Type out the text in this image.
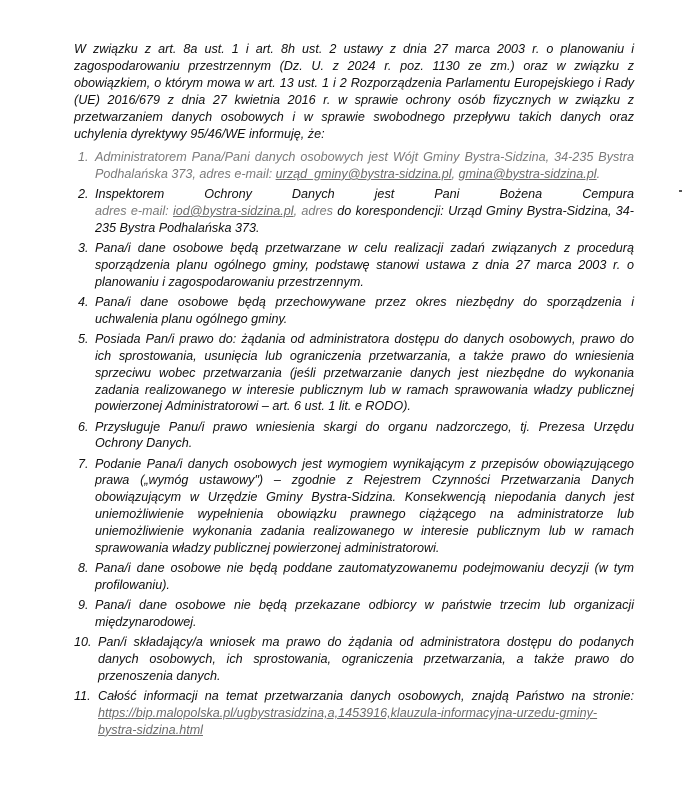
W związku z art. 8a ust. 1 i art. 8h ust. 2 ustawy z dnia 27 marca 2003 r. o planowaniu i zagospodarowaniu przestrzennym (Dz. U. z 2024 r. poz. 1130 ze zm.) oraz w związku z obowiązkiem, o którym mowa w art. 13 ust. 1 i 2 Rozporządzenia Parlamentu Europejskiego i Rady (UE) 2016/679 z dnia 27 kwietnia 2016 r. w sprawie ochrony osób fizycznych w związku z przetwarzaniem danych osobowych i w sprawie swobodnego przepływu takich danych oraz uchylenia dyrektywy 95/46/WE informuję, że:

1. Administratorem Pana/Pani danych osobowych jest Wójt Gminy Bystra-Sidzina, 34-235 Bystra Podhalańska 373, adres e-mail: urząd_gminy@bystra-sidzina.pl, gmina@bystra-sidzina.pl.
2. Inspektorem Ochrony Danych jest Pani Bożena Cempura
adres e-mail: iod@bystra-sidzina.pl, adres do korespondencji: Urząd Gminy Bystra-Sidzina, 34-235 Bystra Podhalańska 373.
3. Pana/i dane osobowe będą przetwarzane w celu realizacji zadań związanych z procedurą sporządzenia planu ogólnego gminy, podstawę stanowi ustawa z dnia 27 marca 2003 r. o planowaniu i zagospodarowaniu przestrzennym.
4. Pana/i dane osobowe będą przechowywane przez okres niezbędny do sporządzenia i uchwalenia planu ogólnego gminy.
5. Posiada Pan/i prawo do: żądania od administratora dostępu do danych osobowych, prawo do ich sprostowania, usunięcia lub ograniczenia przetwarzania, a także prawo do wniesienia sprzeciwu wobec przetwarzania (jeśli przetwarzanie danych jest niezbędne do wykonania zadania realizowanego w interesie publicznym lub w ramach sprawowania władzy publicznej powierzonej Administratorowi – art. 6 ust. 1 lit. e RODO).
6. Przysługuje Panu/i prawo wniesienia skargi do organu nadzorczego, tj. Prezesa Urzędu Ochrony Danych.
7. Podanie Pana/i danych osobowych jest wymogiem wynikającym z przepisów obowiązującego prawa („wymóg ustawowy") – zgodnie z Rejestrem Czynności Przetwarzania Danych obowiązującym w Urzędzie Gminy Bystra-Sidzina. Konsekwencją niepodania danych jest uniemożliwienie wypełnienia obowiązku prawnego ciążącego na administratorze lub uniemożliwienie wykonania zadania realizowanego w interesie publicznym lub w ramach sprawowania władzy publicznej powierzonej administratorowi.
8. Pana/i dane osobowe nie będą poddane zautomatyzowanemu podejmowaniu decyzji (w tym profilowaniu).
9. Pana/i dane osobowe nie będą przekazane odbiorcy w państwie trzecim lub organizacji międzynarodowej.
10. Pan/i składający/a wniosek ma prawo do żądania od administratora dostępu do podanych danych osobowych, ich sprostowania, ograniczenia przetwarzania, a także prawo do przenoszenia danych.
11. Całość informacji na temat przetwarzania danych osobowych, znajdą Państwo na stronie: https://bip.malopolska.pl/ugbystrasidzina,a,1453916,klauzula-informacyjna-urzedu-gminy-bystra-sidzina.html
